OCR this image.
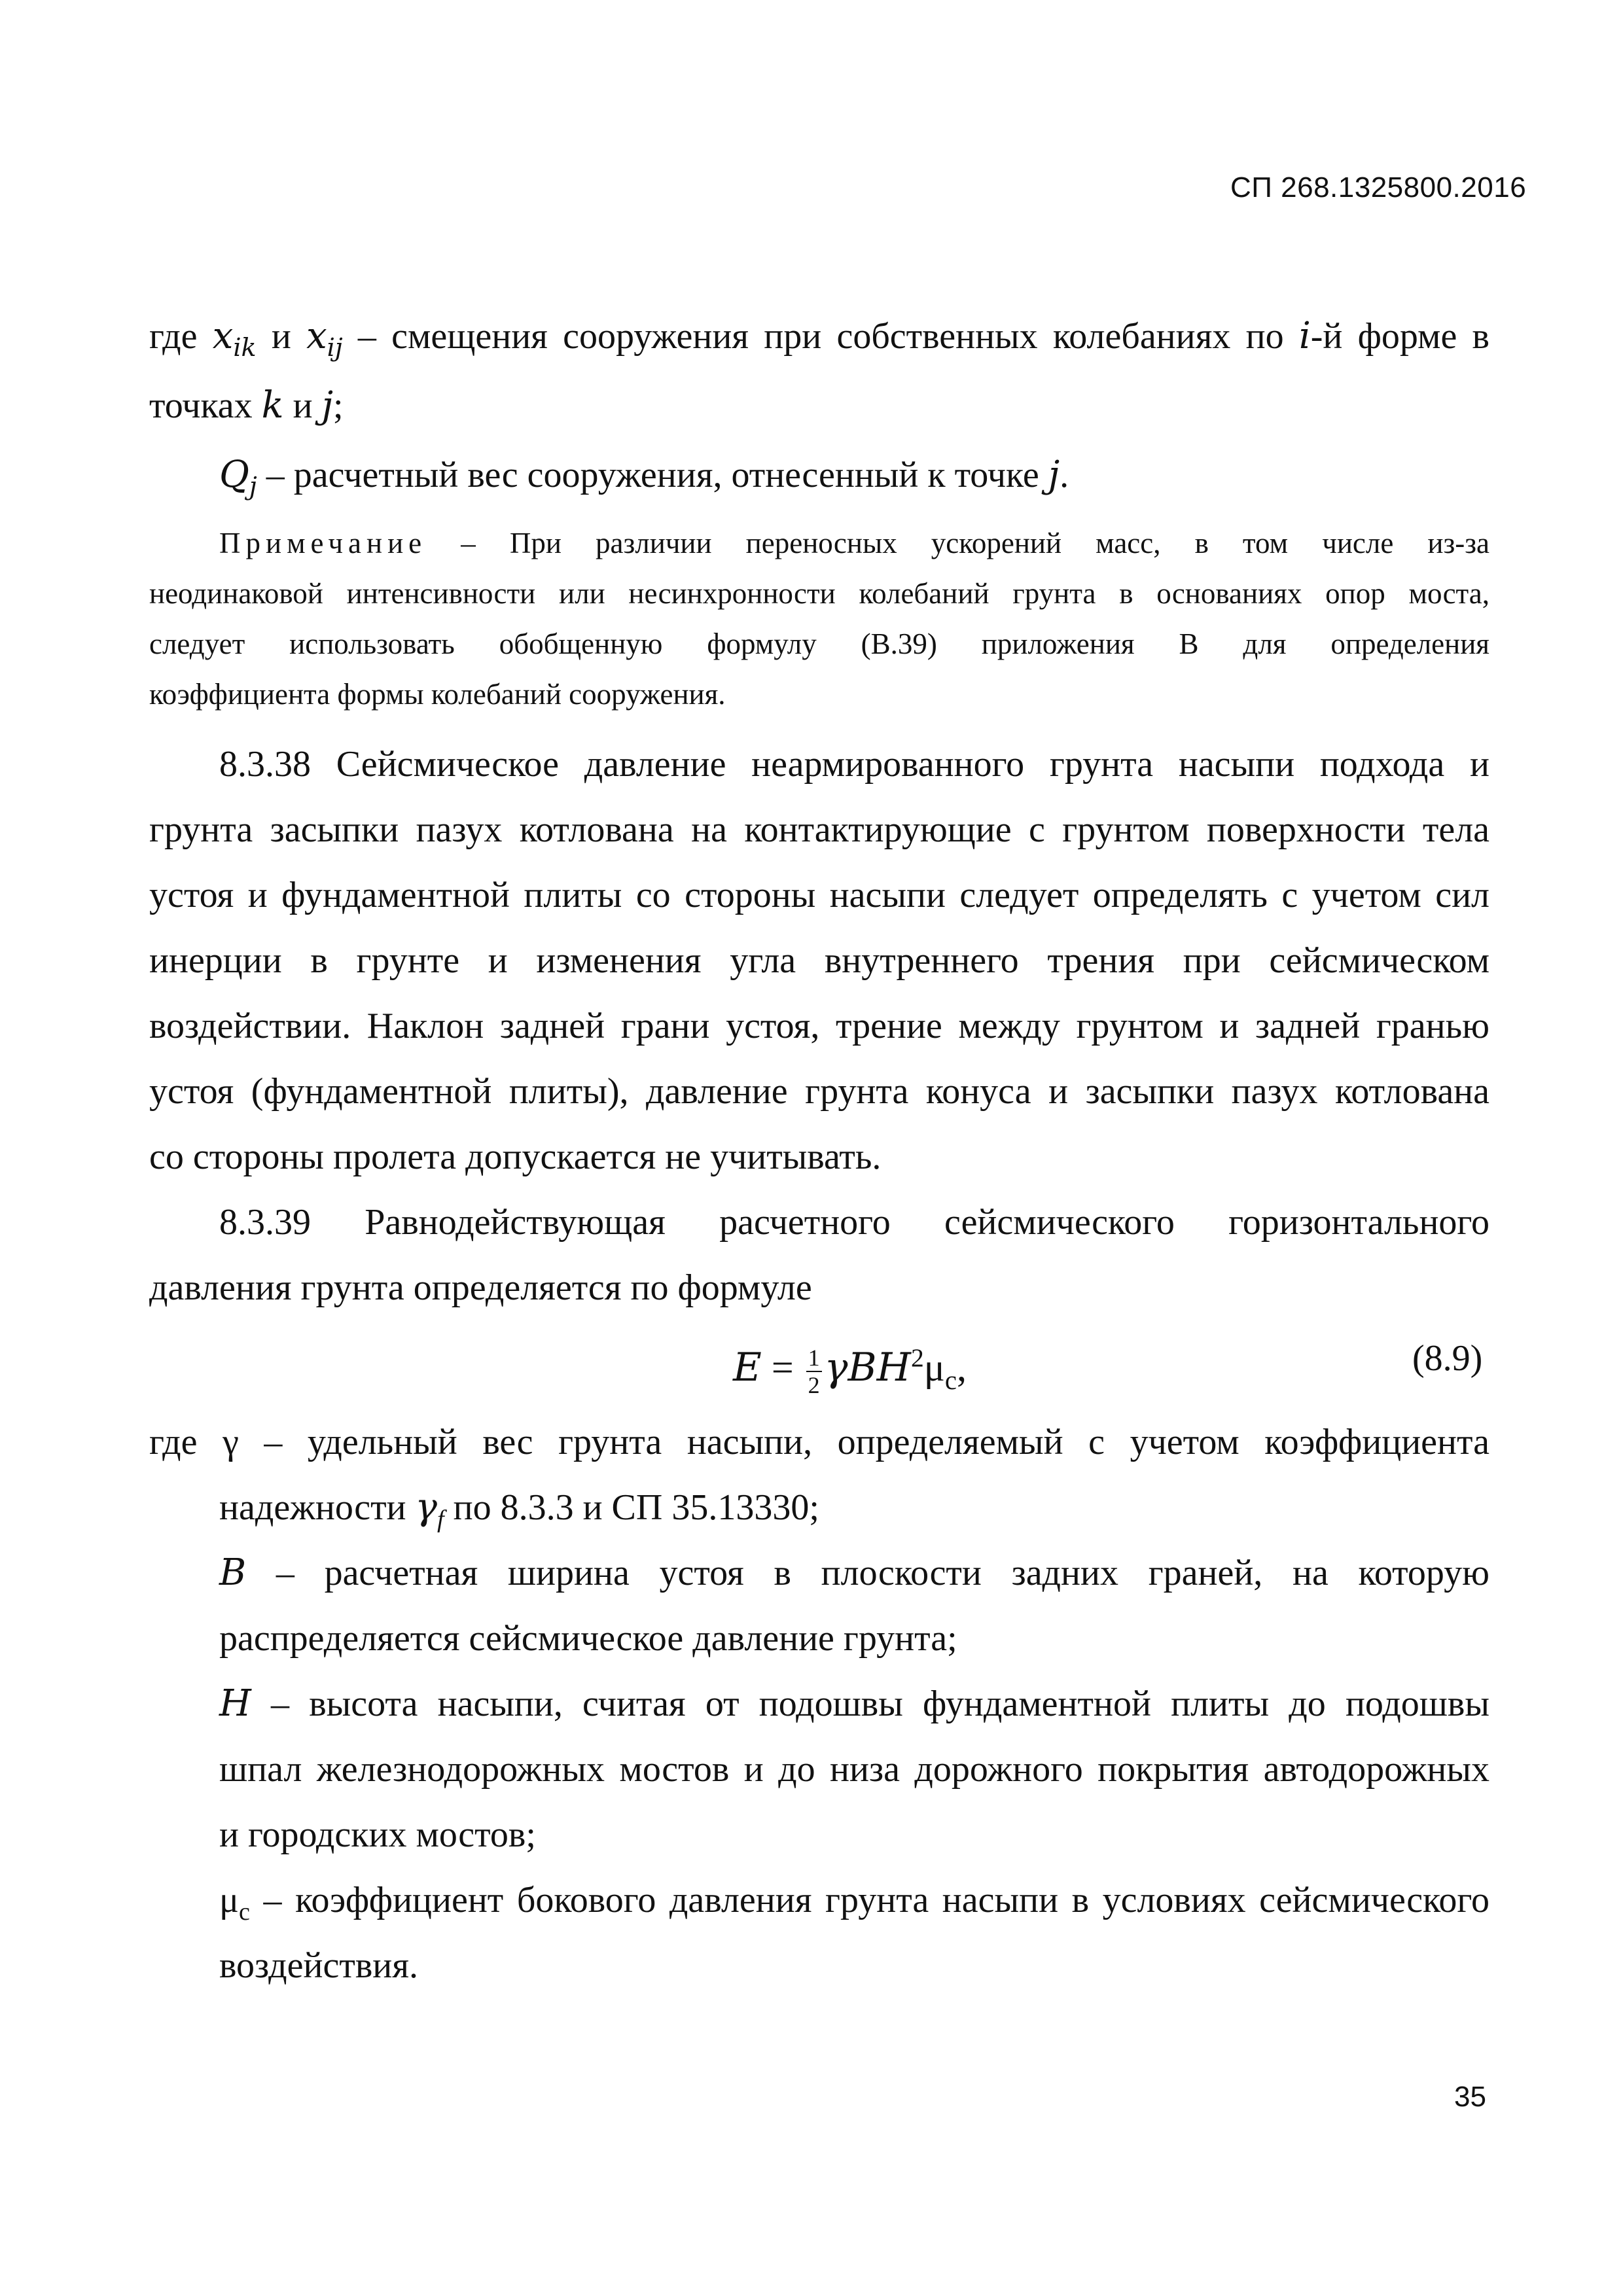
СП 268.1325800.2016
где $x_{ik}$ и $x_{ij}$ – смещения сооружения при собственных колебаниях по i-й форме в
точках k и j;
$Q_j$ – расчетный вес сооружения, отнесенный к точке j.
Примечание – При различии переносных ускорений масс, в том числе из-за
неодинаковой интенсивности или несинхронности колебаний грунта в основаниях опор моста,
следует использовать обобщенную формулу (В.39) приложения В для определения
коэффициента формы колебаний сооружения.
8.3.38 Сейсмическое давление неармированного грунта насыпи подхода и
грунта засыпки пазух котлована на контактирующие с грунтом поверхности тела
устоя и фундаментной плиты со стороны насыпи следует определять с учетом сил
инерции в грунте и изменения угла внутреннего трения при сейсмическом
воздействии. Наклон задней грани устоя, трение между грунтом и задней гранью
устоя (фундаментной плиты), давление грунта конуса и засыпки пазух котлована
со стороны пролета допускается не учитывать.
8.3.39 Равнодействующая расчетного сейсмического горизонтального
давления грунта определяется по формуле
$E = \frac{1}{2} \gamma BH^2\mu_c$,	(8.9)
где γ – удельный вес грунта насыпи, определяемый с учетом коэффициента
надежности $\gamma_f$ по 8.3.3 и СП 35.13330;
B – расчетная ширина устоя в плоскости задних граней, на которую
распределяется сейсмическое давление грунта;
H – высота насыпи, считая от подошвы фундаментной плиты до подошвы
шпал железнодорожных мостов и до низа дорожного покрытия автодорожных
и городских мостов;
$\mu_c$ – коэффициент бокового давления грунта насыпи в условиях сейсмического
воздействия.
35
